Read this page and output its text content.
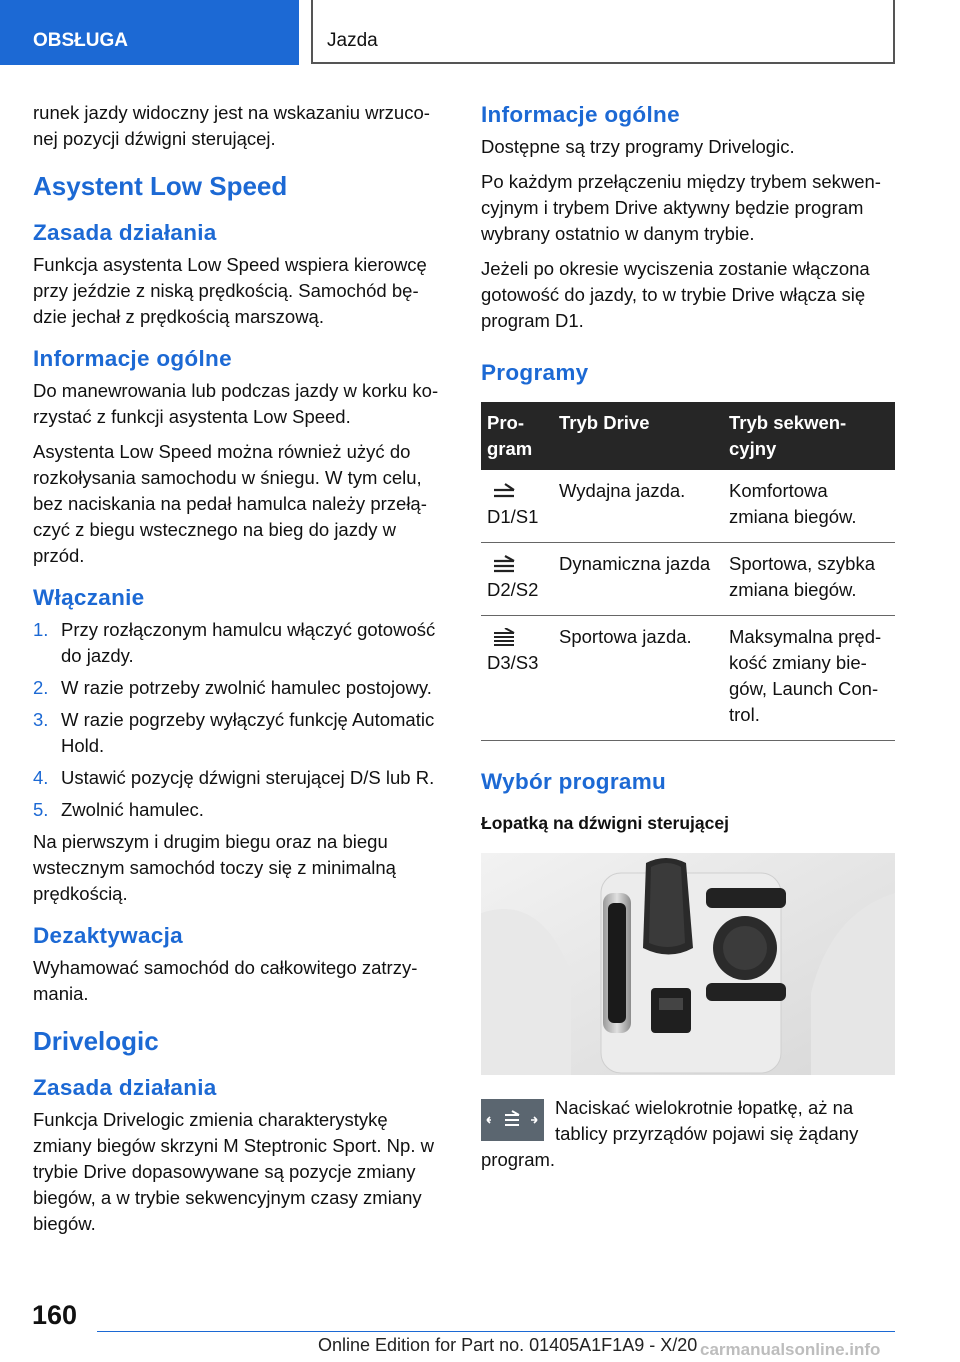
OBSŁUGA	Jazda

runek jazdy widoczny jest na wskazaniu wrzuco- nej pozycji dźwigni sterującej.

Asystent Low Speed
Zasada działania

Funkcja asystenta Low Speed wspiera kierowcę przy jeździe z niską prędkością. Samochód bę- dzie jechał z prędkością marszową.

Informacje ogólne

Do manewrowania lub podczas jazdy w korku ko- rzystać z funkcji asystenta Low Speed.

Asystenta Low Speed można również użyć do rozkołysania samochodu w śniegu. W tym celu, bez naciskania na pedał hamulca należy przełą- czyć z biegu wstecznego na bieg do jazdy w przód.

Włączanie
1. Przy rozłączonym hamulcu włączyć gotowość do jazdy.
2. W razie potrzeby zwolnić hamulec postojowy.
3. W razie pogrzeby wyłączyć funkcję Automatic Hold.
4. Ustawić pozycję dźwigni sterującej D/S lub R.
5. Zwolnić hamulec.

Na pierwszym i drugim biegu oraz na biegu wstecznym samochód toczy się z minimalną prędkością.

Dezaktywacja

Wyhamować samochód do całkowitego zatrzy- mania.

Drivelogic
Zasada działania

Funkcja Drivelogic zmienia charakterystykę zmiany biegów skrzyni M Steptronic Sport. Np. w trybie Drive dopasowywane są pozycje zmiany biegów, a w trybie sekwencyjnym czasy zmiany biegów.

Informacje ogólne

Dostępne są trzy programy Drivelogic.

Po każdym przełączeniu między trybem sekwen- cyjnym i trybem Drive aktywny będzie program wybrany ostatnio w danym trybie.

Jeżeli po okresie wyciszenia zostanie włączona gotowość do jazdy, to w trybie Drive włącza się program D1.

Programy
Pro- gram	Tryb Drive	Tryb sekwen- cyjny

D1/S1	Wydajna jazda.	Komfortowa zmiana biegów.

D2/S2	Dynamiczna jazda	Sportowa, szybka zmiana biegów.

D3/S3	Sportowa jazda.	Maksymalna pręd- kość zmiany bie- gów, Launch Con- trol.
Wybór programu
Łopatką na dźwigni sterującej
Naciskać wielokrotnie łopatkę, aż na tablicy przyrządów pojawi się żądany program.
160
Online Edition for Part no. 01405A1F1A9 - X/20 carmanualsonline.info
